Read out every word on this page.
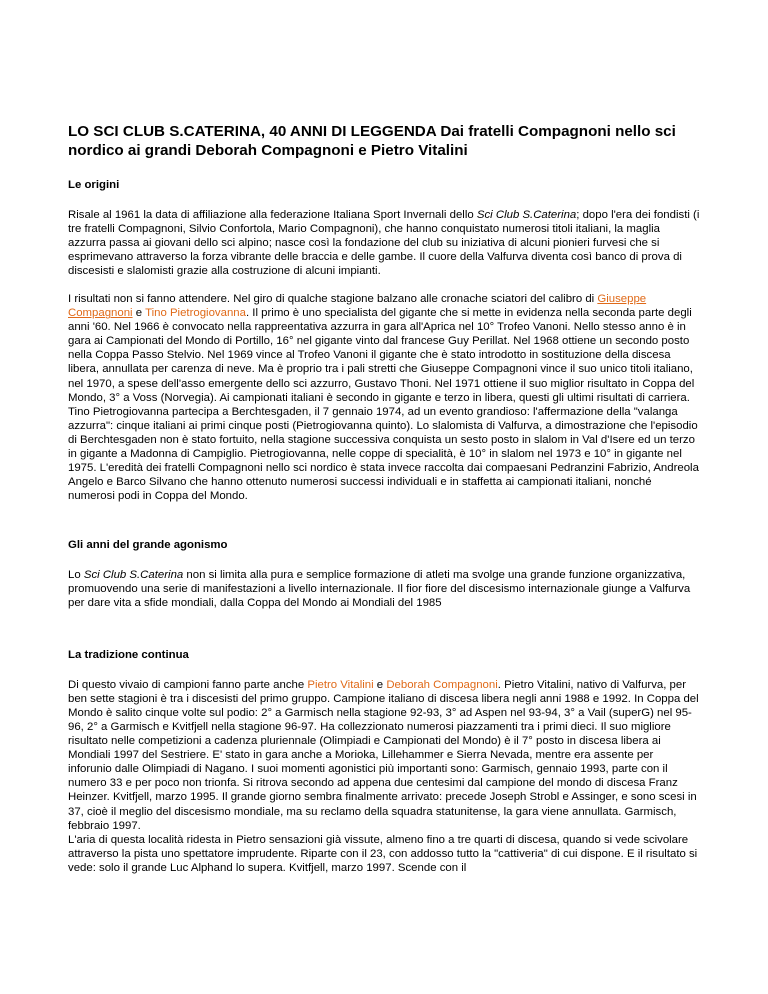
LO SCI CLUB S.CATERINA, 40 ANNI DI LEGGENDA Dai fratelli Compagnoni nello sci nordico ai grandi Deborah Compagnoni e Pietro Vitalini
Le origini

Risale al 1961 la data di affiliazione alla federazione Italiana Sport Invernali dello Sci Club S.Caterina; dopo l'era dei fondisti (i tre fratelli Compagnoni, Silvio Confortola, Mario Compagnoni), che hanno conquistato numerosi titoli italiani, la maglia azzurra passa ai giovani dello sci alpino; nasce così la fondazione del club su iniziativa di alcuni pionieri furvesi che si esprimevano attraverso la forza vibrante delle braccia e delle gambe. Il cuore della Valfurva diventa così banco di prova di discesisti e slalomisti grazie alla costruzione di alcuni impianti.

I risultati non si fanno attendere. Nel giro di qualche stagione balzano alle cronache sciatori del calibro di Giuseppe Compagnoni e Tino Pietrogiovanna. Il primo è uno specialista del gigante che si mette in evidenza nella seconda parte degli anni '60. Nel 1966 è convocato nella rappreentativa azzurra in gara all'Aprica nel 10° Trofeo Vanoni. Nello stesso anno è in gara ai Campionati del Mondo di Portillo, 16° nel gigante vinto dal francese Guy Perillat. Nel 1968 ottiene un secondo posto nella Coppa Passo Stelvio. Nel 1969 vince al Trofeo Vanoni il gigante che è stato introdotto in sostituzione della discesa libera, annullata per carenza di neve. Ma è proprio tra i pali stretti che Giuseppe Compagnoni vince il suo unico titoli italiano, nel 1970, a spese dell'asso emergente dello sci azzurro, Gustavo Thoni. Nel 1971 ottiene il suo miglior risultato in Coppa del Mondo, 3° a Voss (Norvegia). Ai campionati italiani è secondo in gigante e terzo in libera, questi gli ultimi risultati di carriera. Tino Pietrogiovanna partecipa a Berchtesgaden, il 7 gennaio 1974, ad un evento grandioso: l'affermazione della "valanga azzurra": cinque italiani ai primi cinque posti (Pietrogiovanna quinto). Lo slalomista di Valfurva, a dimostrazione che l'episodio di Berchtesgaden non è stato fortuito, nella stagione successiva conquista un sesto posto in slalom in Val d'Isere ed un terzo in gigante a Madonna di Campiglio. Pietrogiovanna, nelle coppe di specialità, è 10° in slalom nel 1973 e 10° in gigante nel 1975. L'eredità dei fratelli Compagnoni nello sci nordico è stata invece raccolta dai compaesani Pedranzini Fabrizio, Andreola Angelo e Barco Silvano che hanno ottenuto numerosi successi individuali e in staffetta ai campionati italiani, nonché numerosi podi in Coppa del Mondo.

Gli anni del grande agonismo

Lo Sci Club S.Caterina non si limita alla pura e semplice formazione di atleti ma svolge una grande funzione organizzativa, promuovendo una serie di manifestazioni a livello internazionale. Il fior fiore del discesismo internazionale giunge a Valfurva per dare vita a sfide mondiali, dalla Coppa del Mondo ai Mondiali del 1985

La tradizione continua

Di questo vivaio di campioni fanno parte anche Pietro Vitalini e Deborah Compagnoni. Pietro Vitalini, nativo di Valfurva, per ben sette stagioni è tra i discesisti del primo gruppo. Campione italiano di discesa libera negli anni 1988 e 1992. In Coppa del Mondo è salito cinque volte sul podio: 2° a Garmisch nella stagione 92-93, 3° ad Aspen nel 93-94, 3° a Vail (superG) nel 95-96, 2° a Garmisch e Kvitfjell nella stagione 96-97. Ha collezzionato numerosi piazzamenti tra i primi dieci. Il suo migliore risultato nelle competizioni a cadenza pluriennale (Olimpiadi e Campionati del Mondo) è il 7° posto in discesa libera ai Mondiali 1997 del Sestriere. E' stato in gara anche a Morioka, Lillehammer e Sierra Nevada, mentre era assente per inforunio dalle Olimpiadi di Nagano. I suoi momenti agonistici più importanti sono: Garmisch, gennaio 1993, parte con il numero 33 e per poco non trionfa. Si ritrova secondo ad appena due centesimi dal campione del mondo di discesa Franz Heinzer. Kvitfjell, marzo 1995. Il grande giorno sembra finalmente arrivato: precede Joseph Strobl e Assinger, e sono scesi in 37, cioè il meglio del discesismo mondiale, ma su reclamo della squadra statunitense, la gara viene annullata. Garmisch, febbraio 1997.

L'aria di questa località ridesta in Pietro sensazioni già vissute, almeno fino a tre quarti di discesa, quando si vede scivolare attraverso la pista uno spettatore imprudente. Riparte con il 23, con addosso tutto la "cattiveria" di cui dispone. E il risultato si vede: solo il grande Luc Alphand lo supera. Kvitfjell, marzo 1997. Scende con il
